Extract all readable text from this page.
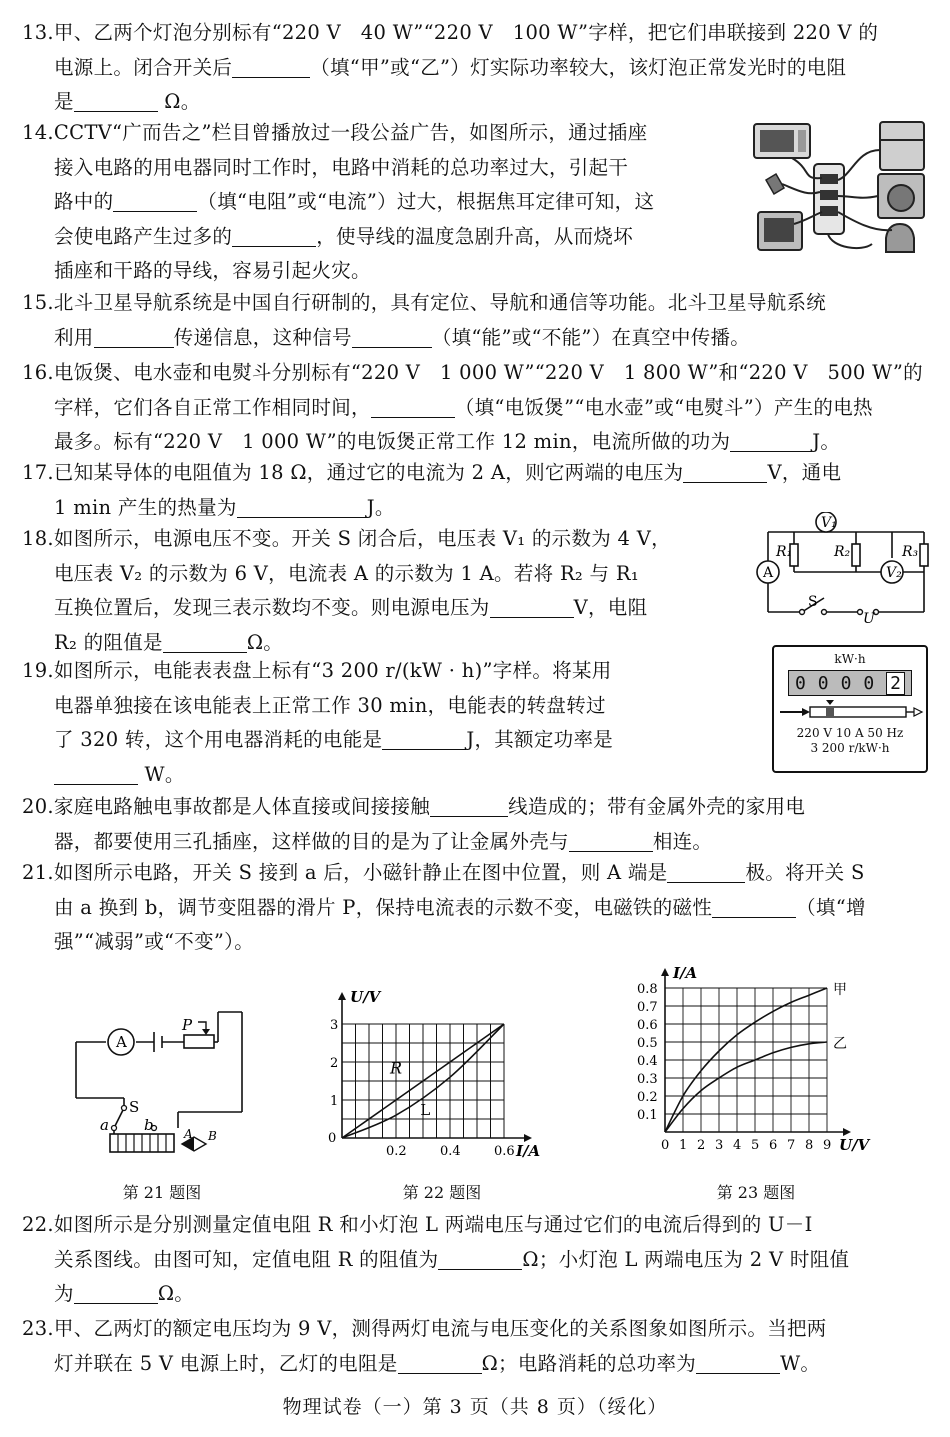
13.甲、乙两个灯泡分别标有“220 V　40 W”“220 V　100 W”字样，把它们串联接到 220 V 的

电源上。闭合开关后	（填“甲”或“乙”）灯实际功率较大，该灯泡正常发光时的电阻

是	Ω。

14.CCTV“广而告之”栏目曾播放过一段公益广告，如图所示，通过插座

接入电路的用电器同时工作时，电路中消耗的总功率过大，引起干

路中的	（填“电阻”或“电流”）过大，根据焦耳定律可知，这

会使电路产生过多的	，使导线的温度急剧升高，从而烧坏

插座和干路的导线，容易引起火灾。

15.北斗卫星导航系统是中国自行研制的，具有定位、导航和通信等功能。北斗卫星导航系统

利用	传递信息，这种信号	（填“能”或“不能”）在真空中传播。

16.电饭煲、电水壶和电熨斗分别标有“220 V　1 000 W”“220 V　1 800 W”和“220 V　500 W”的

字样，它们各自正常工作相同时间，	（填“电饭煲”“电水壶”或“电熨斗”）产生的电热

最多。标有“220 V　1 000 W”的电饭煲正常工作 12 min，电流所做的功为	J。

17.已知某导体的电阻值为 18 Ω，通过它的电流为 2 A，则它两端的电压为	V，通电

1 min 产生的热量为	J。

18.如图所示，电源电压不变。开关 S 闭合后，电压表 V₁ 的示数为 4 V，

电压表 V₂ 的示数为 6 V，电流表 A 的示数为 1 A。若将 R₂ 与 R₁

互换位置后，发现三表示数均不变。则电源电压为	V，电阻

R₂ 的阻值是	Ω。

V₁
A	V₂
R₁	R₂	R₃
S
U

19.如图所示，电能表表盘上标有“3 200 r/(kW · h)”字样。将某用

电器单独接在该电能表上正常工作 30 min，电能表的转盘转过

了 320 转，这个用电器消耗的电能是	J，其额定功率是

W。

kW·h
0 0 0 0 2
220 V 10 A 50 Hz
3 200 r/kW·h

20.家庭电路触电事故都是人体直接或间接接触	线造成的；带有金属外壳的家用电

器，都要使用三孔插座，这样做的目的是为了让金属外壳与	相连。

21.如图所示电路，开关 S 接到 a 后，小磁针静止在图中位置，则 A 端是	极。将开关 S

由 a 换到 b，调节变阻器的滑片 P，保持电流表的示数不变，电磁铁的磁性	（填“增

强”“减弱”或“不变”）。

A
P
S
a b	A B
R
L
0.2	0.4	0.6
1
2
3
0
U/V
I/A
甲
乙
0 1 2 3 4 5 6 7 8 9
0.1
0.2
0.3
0.4
0.5
0.6
0.7
0.8
I/A
U/V
第 21 题图	第 22 题图	第 23 题图

22.如图所示是分别测量定值电阻 R 和小灯泡 L 两端电压与通过它们的电流后得到的 U－I

关系图线。由图可知，定值电阻 R 的阻值为	Ω；小灯泡 L 两端电压为 2 V 时阻值

为	Ω。

23.甲、乙两灯的额定电压均为 9 V，测得两灯电流与电压变化的关系图象如图所示。当把两

灯并联在 5 V 电源上时，乙灯的电阻是	Ω；电路消耗的总功率为	W。

物理试卷（一）第 3 页（共 8 页）（绥化）
